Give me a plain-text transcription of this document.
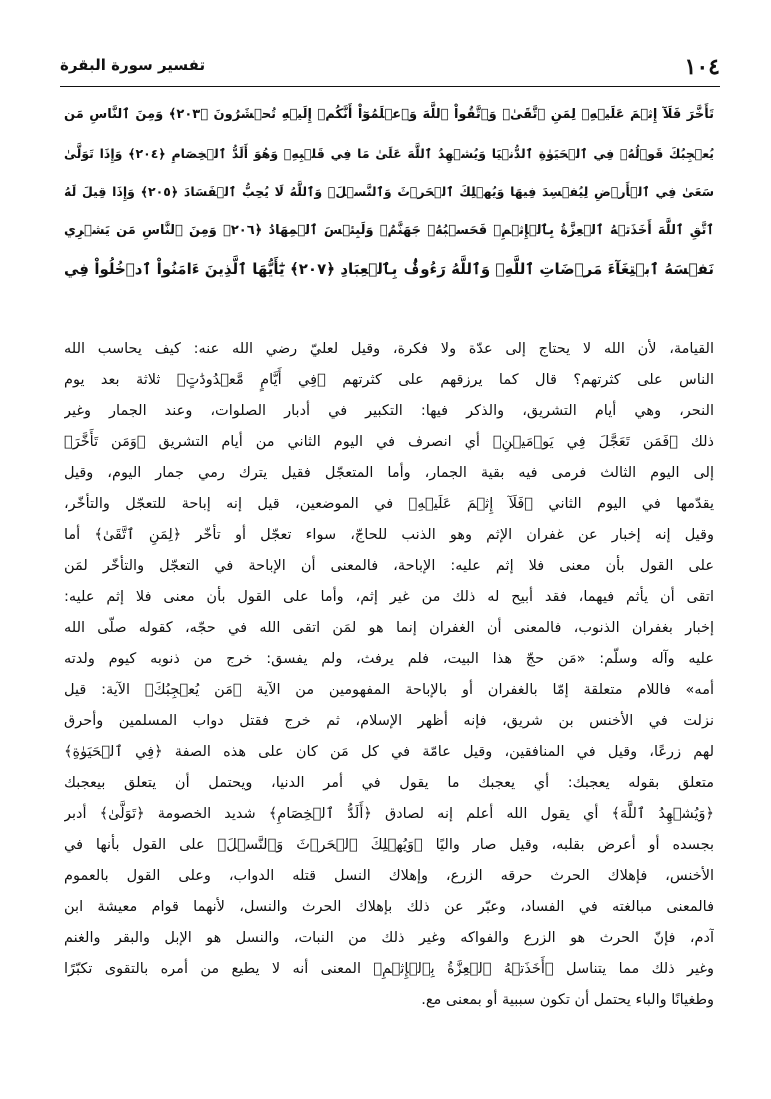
١٠٤
تفسير سورة البقرة
تَأَخَّرَ فَلَآ إِثۡمَ عَلَيۡهِۖ لِمَنِ ٱتَّقَىٰۗ وَٱتَّقُواْ ٱللَّهَ وَٱعۡلَمُوٓاْ أَنَّكُمۡ إِلَيۡهِ تُحۡشَرُونَ ﴿٢٠٣﴾ وَمِنَ ٱلنَّاسِ مَن
يُعۡجِبُكَ قَوۡلُهُۥ فِي ٱلۡحَيَوٰةِ ٱلدُّنۡيَا وَيُشۡهِدُ ٱللَّهَ عَلَىٰ مَا فِي قَلۡبِهِۦ وَهُوَ أَلَدُّ ٱلۡخِصَامِ ﴿٢٠٤﴾ وَإِذَا تَوَلَّىٰ
سَعَىٰ فِي ٱلۡأَرۡضِ لِيُفۡسِدَ فِيهَا وَيُهۡلِكَ ٱلۡحَرۡثَ وَٱلنَّسۡلَۚ وَٱللَّهُ لَا يُحِبُّ ٱلۡفَسَادَ ﴿٢٠٥﴾ وَإِذَا قِيلَ لَهُ
ٱتَّقِ ٱللَّهَ أَخَذَتۡهُ ٱلۡعِزَّةُ بِٱلۡإِثۡمِۚ فَحَسۡبُهُۥ جَهَنَّمُۖ وَلَبِئۡسَ ٱلۡمِهَادُ ﴿٢٠٦﴾ وَمِنَ ٱلنَّاسِ مَن يَشۡرِي
نَفۡسَهُ ٱبۡتِغَآءَ مَرۡضَاتِ ٱللَّهِۚ وَٱللَّهُ رَءُوفُۢ بِٱلۡعِبَادِ ﴿٢٠٧﴾ يَٰٓأَيُّهَا ٱلَّذِينَ ءَامَنُواْ ٱدۡخُلُواْ فِي
القيامة، لأن الله لا يحتاج إلى عدّة ولا فكرة، وقيل لعليّ رضي الله عنه: كيف يحاسب الله
الناس على كثرتهم؟ قال كما يرزقهم على كثرتهم ﴿فِي أَيَّامٍ مَّعۡدُودَٰتٍ﴾ ثلاثة بعد يوم
النحر، وهي أيام التشريق، والذكر فيها: التكبير في أدبار الصلوات، وعند الجمار وغير
ذلك ﴿فَمَن تَعَجَّلَ فِي يَوۡمَيۡنِ﴾ أي انصرف في اليوم الثاني من أيام التشريق ﴿وَمَن تَأَخَّرَ﴾
إلى اليوم الثالث فرمى فيه بقية الجمار، وأما المتعجّل فقيل يترك رمي جمار اليوم، وقيل
يقدّمها في اليوم الثاني ﴿فَلَآ إِثۡمَ عَلَيۡهِ﴾ في الموضعين، قيل إنه إباحة للتعجّل والتأخّر،
وقيل إنه إخبار عن غفران الإثم وهو الذنب للحاجّ، سواء تعجّل أو تأخّر ﴿لِمَنِ ٱتَّقَىٰ﴾ أما
على القول بأن معنى فلا إثم عليه: الإباحة، فالمعنى أن الإباحة في التعجّل والتأخّر لمَن
اتقى أن يأثم فيهما، فقد أبيح له ذلك من غير إثم، وأما على القول بأن معنى فلا إثم عليه:
إخبار بغفران الذنوب، فالمعنى أن الغفران إنما هو لمَن اتقى الله في حجّه، كقوله صلّى الله
عليه وآله وسلّم: «مَن حجّ هذا البيت، فلم يرفث، ولم يفسق: خرج من ذنوبه كيوم ولدته
أمه» فاللام متعلقة إمّا بالغفران أو بالإباحة المفهومين من الآية ﴿مَن يُعۡجِبُكَ﴾ الآية: قيل
نزلت في الأخنس بن شريق، فإنه أظهر الإسلام، ثم خرج فقتل دواب المسلمين وأحرق
لهم زرعًا، وقيل في المنافقين، وقيل عامّة في كل مَن كان على هذه الصفة ﴿فِي ٱلۡحَيَوٰةِ﴾
متعلق بقوله يعجبك: أي يعجبك ما يقول في أمر الدنيا، ويحتمل أن يتعلق بيعجبك
﴿وَيُشۡهِدُ ٱللَّهَ﴾ أي يقول الله أعلم إنه لصادق ﴿أَلَدُّ ٱلۡخِصَامِ﴾ شديد الخصومة ﴿تَوَلَّىٰ﴾ أدبر
بجسده أو أعرض بقلبه، وقيل صار واليًا ﴿وَيُهۡلِكَ ٱلۡحَرۡثَ وَٱلنَّسۡلَ﴾ على القول بأنها في
الأخنس، فإهلاك الحرث حرقه الزرع، وإهلاك النسل قتله الدواب، وعلى القول بالعموم
فالمعنى مبالغته في الفساد، وعبّر عن ذلك بإهلاك الحرث والنسل، لأنهما قوام معيشة ابن
آدم، فإنّ الحرث هو الزرع والفواكه وغير ذلك من النبات، والنسل هو الإبل والبقر والغنم
وغير ذلك مما يتناسل ﴿أَخَذَتۡهُ ٱلۡعِزَّةُ بِٱلۡإِثۡمِ﴾ المعنى أنه لا يطيع من أمره بالتقوى تكبّرًا
وطغيانًا والباء يحتمل أن تكون سببية أو بمعنى مع.
